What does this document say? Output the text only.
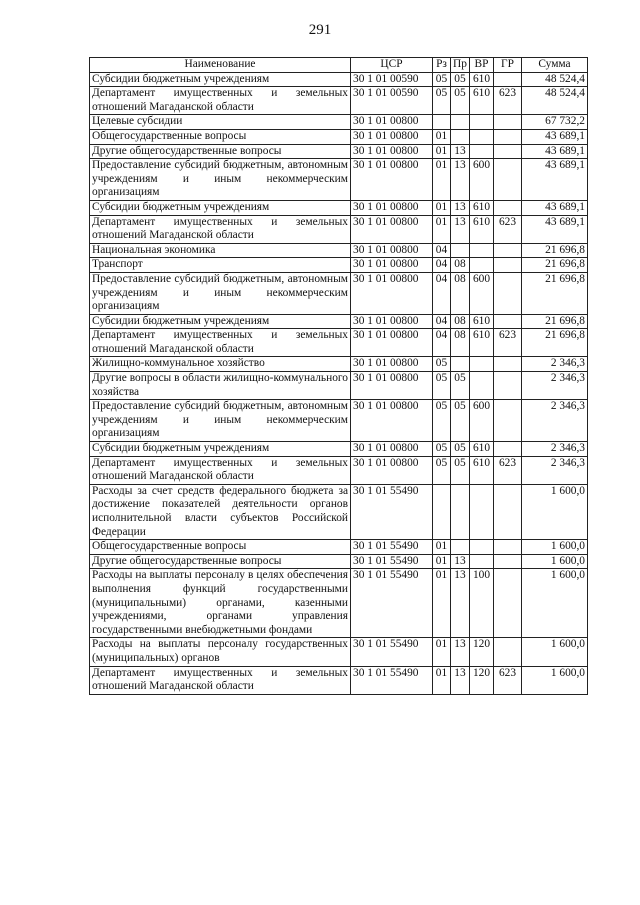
291
Наименование	ЦСР	Рз	Пр	ВР	ГР	Сумма
Субсидии бюджетным учреждениям	30 1 01 00590	05	05	610		48 524,4
Департамент имущественных и земельных отношений Магаданской области	30 1 01 00590	05	05	610	623	48 524,4
Целевые субсидии	30 1 01 00800					67 732,2
Общегосударственные вопросы	30 1 01 00800	01				43 689,1
Другие общегосударственные вопросы	30 1 01 00800	01	13			43 689,1
Предоставление субсидий бюджетным, автономным учреждениям и иным некоммерческим организациям	30 1 01 00800	01	13	600		43 689,1
Субсидии бюджетным учреждениям	30 1 01 00800	01	13	610		43 689,1
Департамент имущественных и земельных отношений Магаданской области	30 1 01 00800	01	13	610	623	43 689,1
Национальная экономика	30 1 01 00800	04				21 696,8
Транспорт	30 1 01 00800	04	08			21 696,8
Предоставление субсидий бюджетным, автономным учреждениям и иным некоммерческим организациям	30 1 01 00800	04	08	600		21 696,8
Субсидии бюджетным учреждениям	30 1 01 00800	04	08	610		21 696,8
Департамент имущественных и земельных отношений Магаданской области	30 1 01 00800	04	08	610	623	21 696,8
Жилищно-коммунальное хозяйство	30 1 01 00800	05				2 346,3
Другие вопросы в области жилищно-коммунального хозяйства	30 1 01 00800	05	05			2 346,3
Предоставление субсидий бюджетным, автономным учреждениям и иным некоммерческим организациям	30 1 01 00800	05	05	600		2 346,3
Субсидии бюджетным учреждениям	30 1 01 00800	05	05	610		2 346,3
Департамент имущественных и земельных отношений Магаданской области	30 1 01 00800	05	05	610	623	2 346,3
Расходы за счет средств федерального бюджета за достижение показателей деятельности органов исполнительной власти субъектов Российской Федерации	30 1 01 55490					1 600,0
Общегосударственные вопросы	30 1 01 55490	01				1 600,0
Другие общегосударственные вопросы	30 1 01 55490	01	13			1 600,0
Расходы на выплаты персоналу в целях обеспечения выполнения функций государственными (муниципальными) органами, казенными учреждениями, органами управления государственными внебюджетными фондами	30 1 01 55490	01	13	100		1 600,0
Расходы на выплаты персоналу государственных (муниципальных) органов	30 1 01 55490	01	13	120		1 600,0
Департамент имущественных и земельных отношений Магаданской области	30 1 01 55490	01	13	120	623	1 600,0
